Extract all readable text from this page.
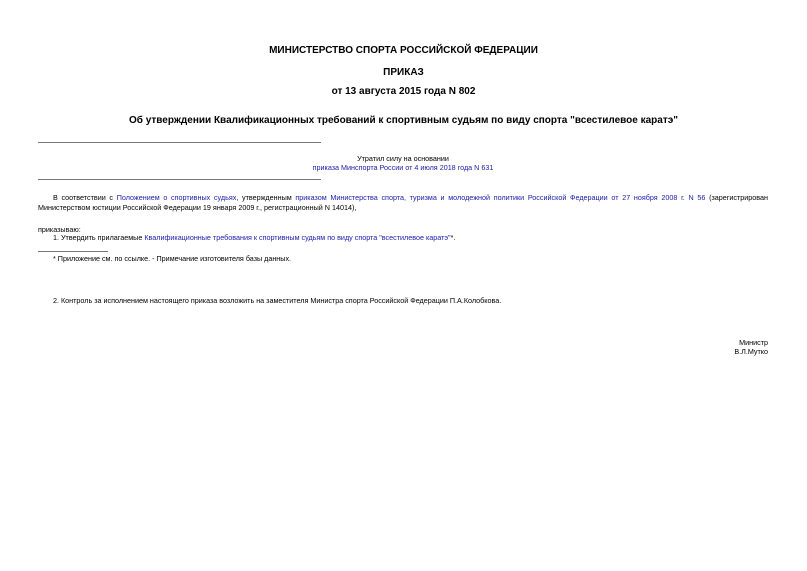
МИНИСТЕРСТВО СПОРТА РОССИЙСКОЙ ФЕДЕРАЦИИ
ПРИКАЗ
от 13 августа 2015 года N 802
Об утверждении Квалификационных требований к спортивным судьям по виду спорта "всестилевое каратэ"
Утратил силу на основании
приказа Минспорта России от 4 июля 2018 года N 631
В соответствии с Положением о спортивных судьях, утвержденным приказом Министерства спорта, туризма и молодежной политики Российской Федерации от 27 ноября 2008 г. N 56 (зарегистрирован
Министерством юстиции Российской Федерации 19 января 2009 г., регистрационный N 14014),
приказываю:
1. Утвердить прилагаемые Квалификационные требования к спортивным судьям по виду спорта "всестилевое каратэ"*.
* Приложение см. по ссылке. - Примечание изготовителя базы данных.
2. Контроль за исполнением настоящего приказа возложить на заместителя Министра спорта Российской Федерации П.А.Колобкова.
Министр
В.Л.Мутко
